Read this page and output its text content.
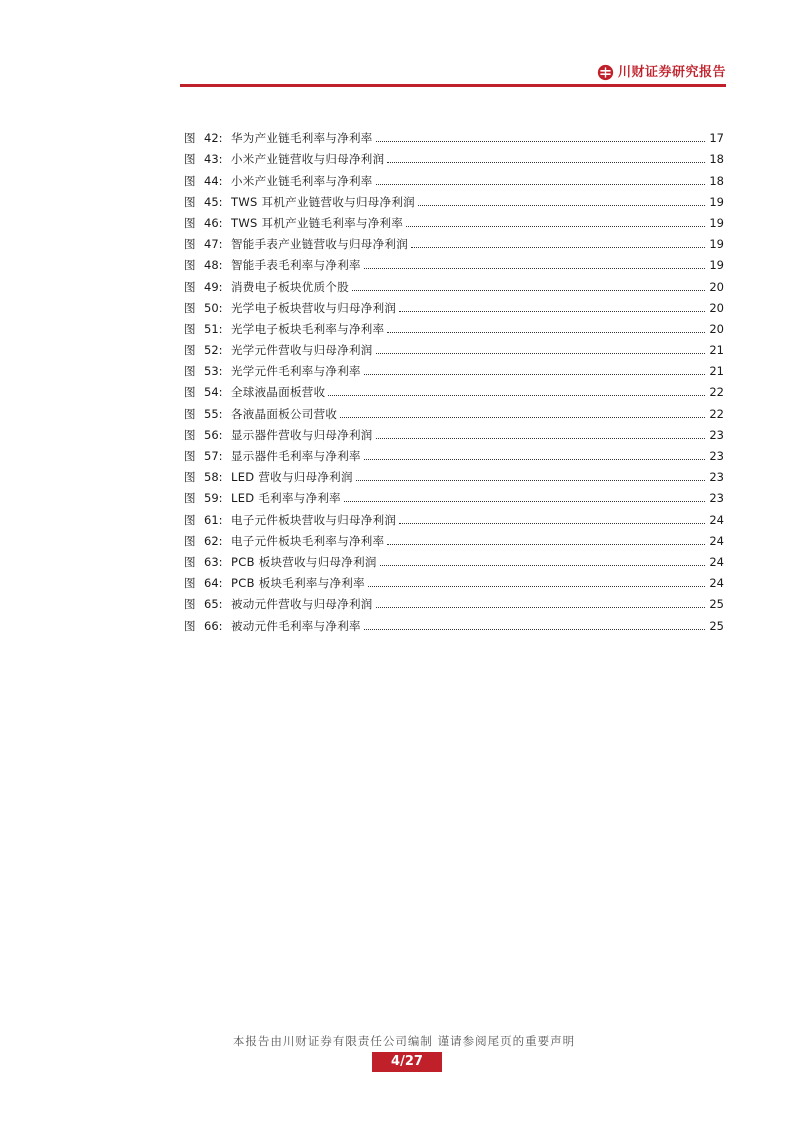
川财证券研究报告
图 42: 华为产业链毛利率与净利率	17
图 43: 小米产业链营收与归母净利润	18
图 44: 小米产业链毛利率与净利率	18
图 45: TWS 耳机产业链营收与归母净利润	19
图 46: TWS 耳机产业链毛利率与净利率	19
图 47: 智能手表产业链营收与归母净利润	19
图 48: 智能手表毛利率与净利率	19
图 49: 消费电子板块优质个股	20
图 50: 光学电子板块营收与归母净利润	20
图 51: 光学电子板块毛利率与净利率	20
图 52: 光学元件营收与归母净利润	21
图 53: 光学元件毛利率与净利率	21
图 54: 全球液晶面板营收	22
图 55: 各液晶面板公司营收	22
图 56: 显示器件营收与归母净利润	23
图 57: 显示器件毛利率与净利率	23
图 58: LED 营收与归母净利润	23
图 59: LED 毛利率与净利率	23
图 61: 电子元件板块营收与归母净利润	24
图 62: 电子元件板块毛利率与净利率	24
图 63: PCB 板块营收与归母净利润	24
图 64: PCB 板块毛利率与净利率	24
图 65: 被动元件营收与归母净利润	25
图 66: 被动元件毛利率与净利率	25
本报告由川财证券有限责任公司编制 谨请参阅尾页的重要声明
4/27
